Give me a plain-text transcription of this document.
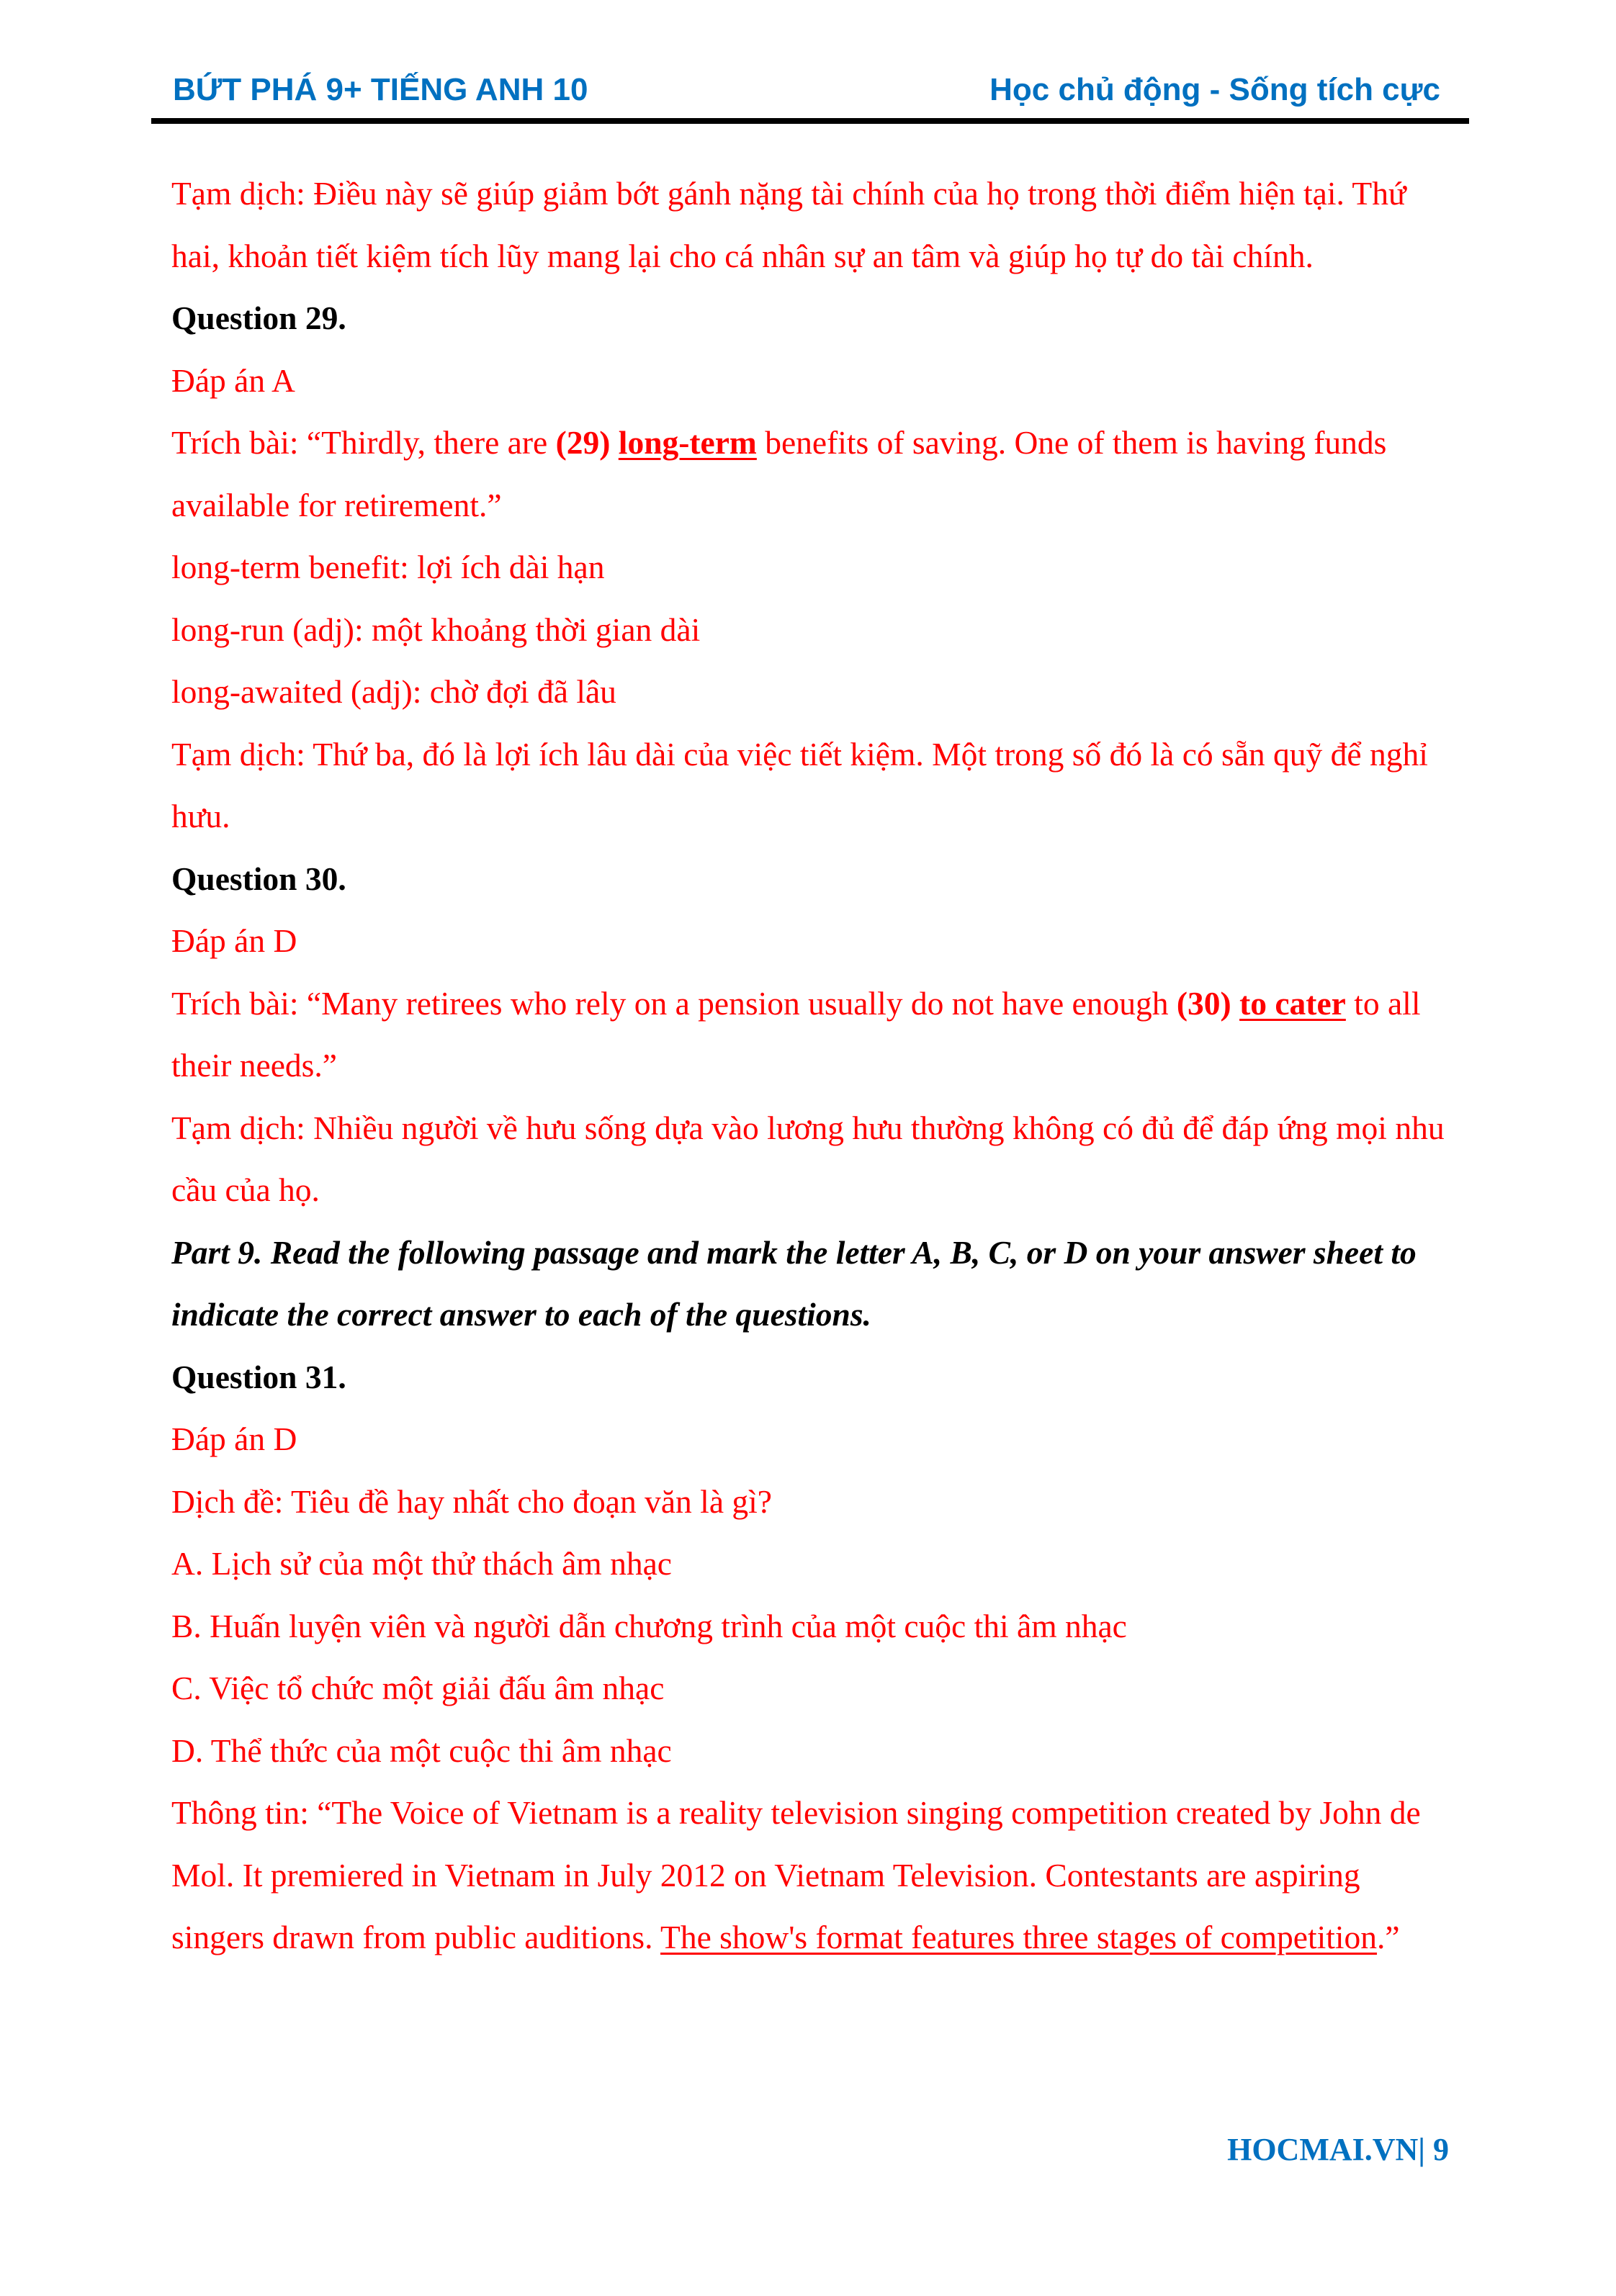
BỨT PHÁ 9+ TIẾNG ANH 10	Học chủ động - Sống tích cực

Tạm dịch: Điều này sẽ giúp giảm bớt gánh nặng tài chính của họ trong thời điểm hiện tại. Thứ hai, khoản tiết kiệm tích lũy mang lại cho cá nhân sự an tâm và giúp họ tự do tài chính.

Question 29.

Đáp án A

Trích bài: “Thirdly, there are (29) long-term benefits of saving. One of them is having funds available for retirement.”

long-term benefit: lợi ích dài hạn

long-run (adj): một khoảng thời gian dài

long-awaited (adj): chờ đợi đã lâu

Tạm dịch: Thứ ba, đó là lợi ích lâu dài của việc tiết kiệm. Một trong số đó là có sẵn quỹ để nghỉ hưu.

Question 30.

Đáp án D

Trích bài: “Many retirees who rely on a pension usually do not have enough (30) to cater to all their needs.”

Tạm dịch: Nhiều người về hưu sống dựa vào lương hưu thường không có đủ để đáp ứng mọi nhu cầu của họ.

Part 9. Read the following passage and mark the letter A, B, C, or D on your answer sheet to indicate the correct answer to each of the questions.

Question 31.

Đáp án D

Dịch đề: Tiêu đề hay nhất cho đoạn văn là gì?

A. Lịch sử của một thử thách âm nhạc

B. Huấn luyện viên và người dẫn chương trình của một cuộc thi âm nhạc

C. Việc tổ chức một giải đấu âm nhạc

D. Thể thức của một cuộc thi âm nhạc

Thông tin: “The Voice of Vietnam is a reality television singing competition created by John de Mol. It premiered in Vietnam in July 2012 on Vietnam Television. Contestants are aspiring singers drawn from public auditions. The show's format features three stages of competition.”

HOCMAI.VN| 9
